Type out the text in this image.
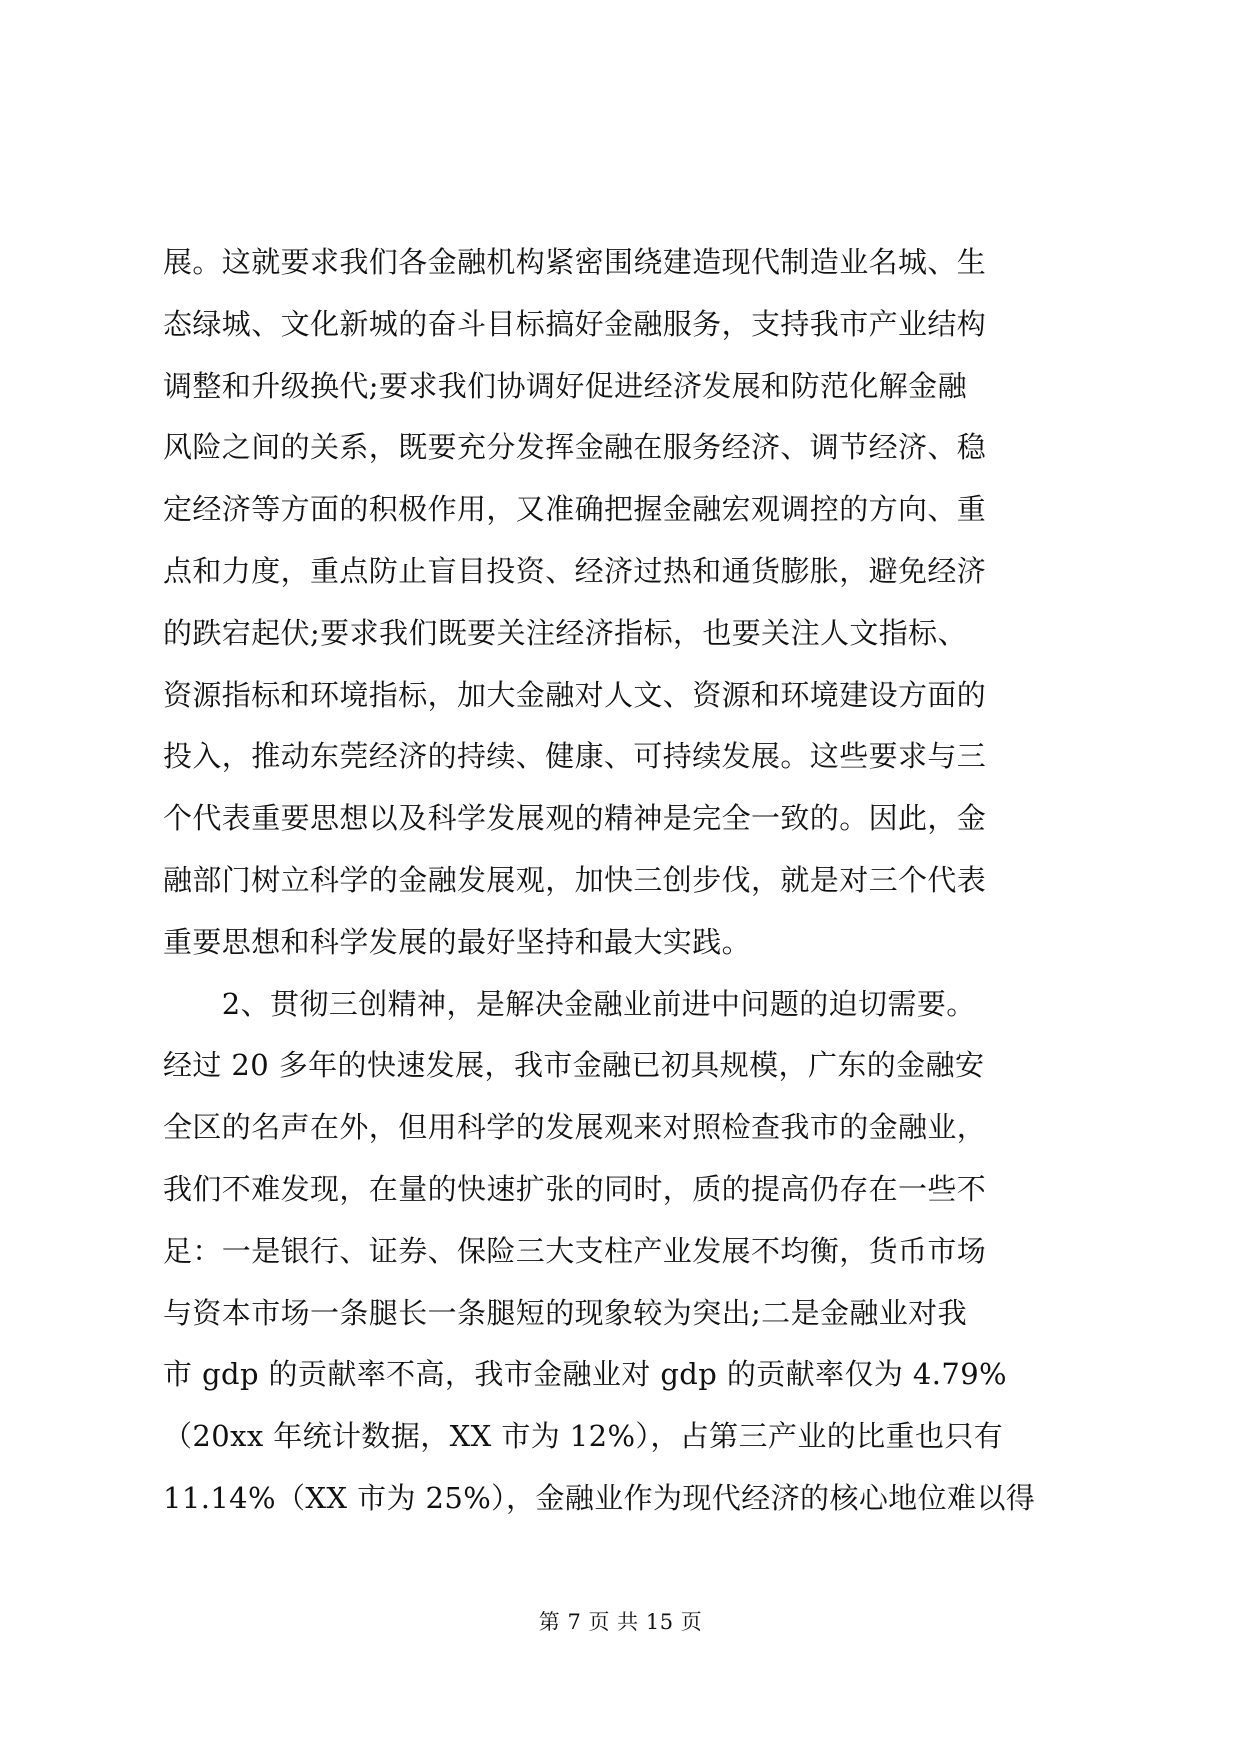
展。这就要求我们各金融机构紧密围绕建造现代制造业名城、生
态绿城、文化新城的奋斗目标搞好金融服务，支持我市产业结构
调整和升级换代;要求我们协调好促进经济发展和防范化解金融
风险之间的关系，既要充分发挥金融在服务经济、调节经济、稳
定经济等方面的积极作用，又准确把握金融宏观调控的方向、重
点和力度，重点防止盲目投资、经济过热和通货膨胀，避免经济
的跌宕起伏;要求我们既要关注经济指标，也要关注人文指标、
资源指标和环境指标，加大金融对人文、资源和环境建设方面的
投入，推动东莞经济的持续、健康、可持续发展。这些要求与三
个代表重要思想以及科学发展观的精神是完全一致的。因此，金
融部门树立科学的金融发展观，加快三创步伐，就是对三个代表
重要思想和科学发展的最好坚持和最大实践。
　　2、贯彻三创精神，是解决金融业前进中问题的迫切需要。
经过 20 多年的快速发展，我市金融已初具规模，广东的金融安
全区的名声在外，但用科学的发展观来对照检查我市的金融业，
我们不难发现，在量的快速扩张的同时，质的提高仍存在一些不
足：一是银行、证券、保险三大支柱产业发展不均衡，货币市场
与资本市场一条腿长一条腿短的现象较为突出;二是金融业对我
市 gdp 的贡献率不高，我市金融业对 gdp 的贡献率仅为 4.79%
（20xx 年统计数据，XX 市为 12%），占第三产业的比重也只有
11.14%（XX 市为 25%），金融业作为现代经济的核心地位难以得
第 7 页 共 15 页
